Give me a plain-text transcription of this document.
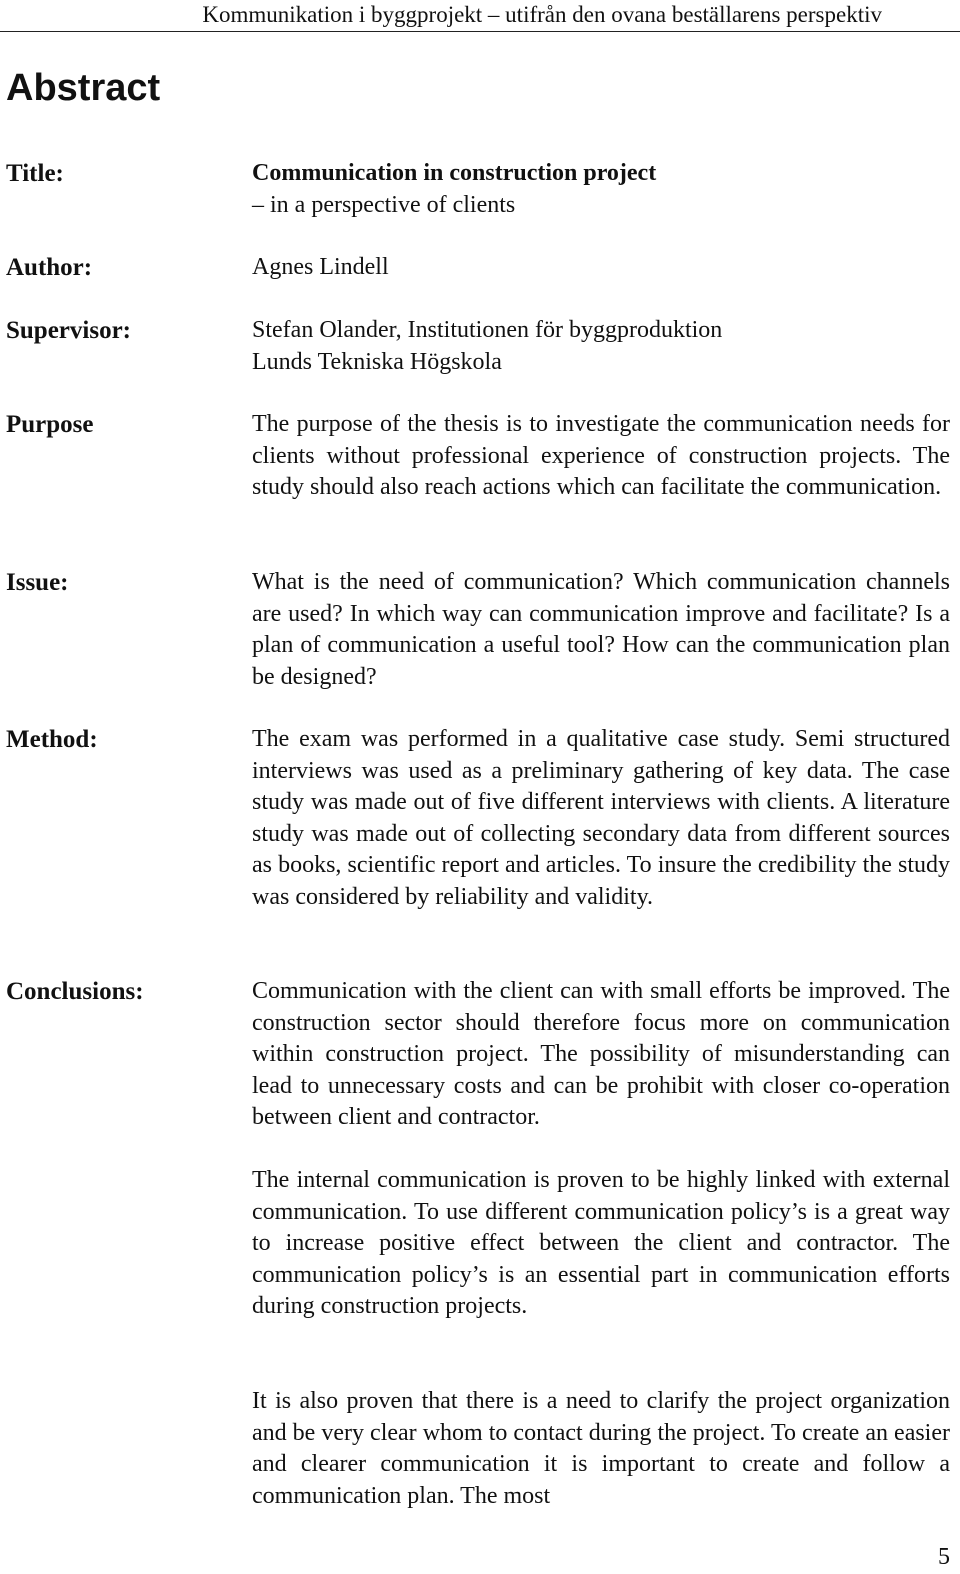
Kommunikation i byggprojekt – utifrån den ovana beställarens perspektiv
Abstract
Title:	Communication in construction project
– in a perspective of clients
Author:	Agnes Lindell
Supervisor:	Stefan Olander, Institutionen för byggproduktion
Lunds Tekniska Högskola
Purpose	The purpose of the thesis is to investigate the communication needs for clients without professional experience of construction projects. The study should also reach actions which can facilitate the communication.
Issue:	What is the need of communication? Which communication channels are used? In which way can communication improve and facilitate? Is a plan of communication a useful tool? How can the communication plan be designed?
Method:	The exam was performed in a qualitative case study. Semi structured interviews was used as a preliminary gathering of key data. The case study was made out of five different interviews with clients. A literature study was made out of collecting secondary data from different sources as books, scientific report and articles. To insure the credibility the study was considered by reliability and validity.
Conclusions:	Communication with the client can with small efforts be improved. The construction sector should therefore focus more on communication within construction project. The possibility of misunderstanding can lead to unnecessary costs and can be prohibit with closer co-operation between client and contractor.
The internal communication is proven to be highly linked with external communication. To use different communication policy’s is a great way to increase positive effect between the client and contractor. The communication policy’s is an essential part in communication efforts during construction projects.
It is also proven that there is a need to clarify the project organization and be very clear whom to contact during the project. To create an easier and clearer communication it is important to create and follow a communication plan. The most
5
